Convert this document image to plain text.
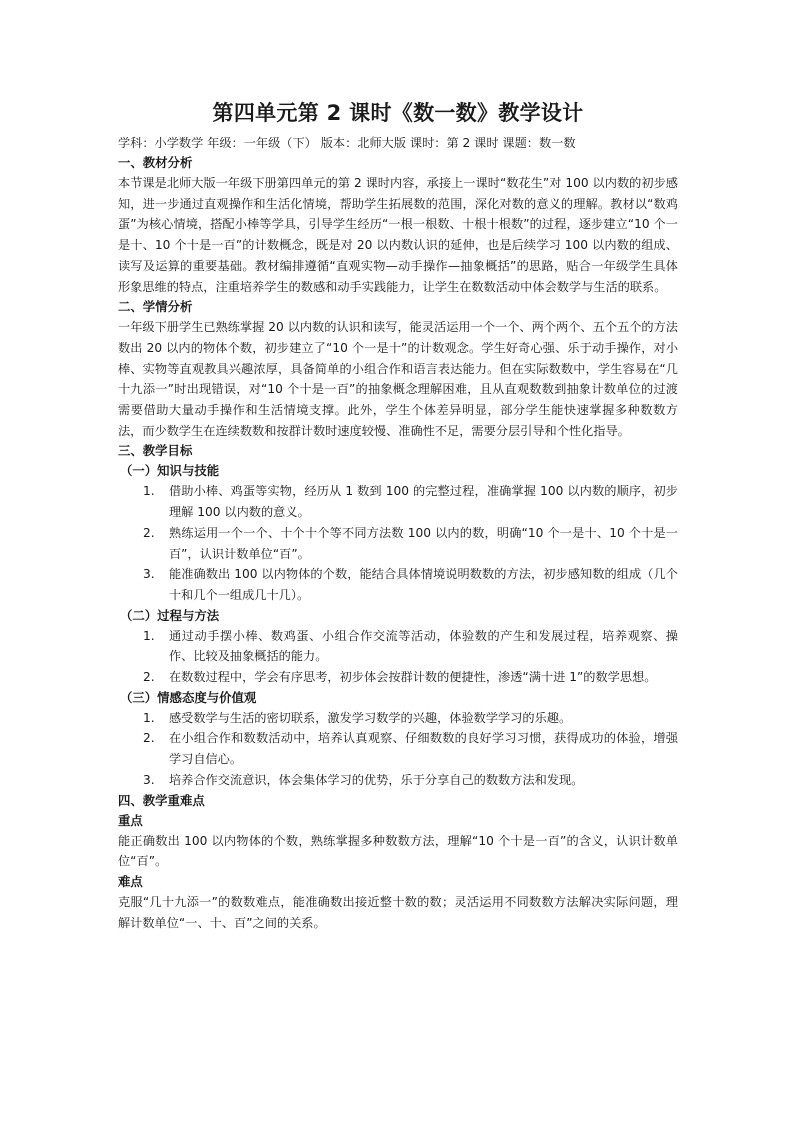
第四单元第 2 课时《数一数》教学设计
学科：小学数学 年级：一年级（下） 版本：北师大版 课时：第 2 课时 课题：数一数
一、教材分析
本节课是北师大版一年级下册第四单元的第 2 课时内容，承接上一课时“数花生”对 100 以内数的初步感知，进一步通过直观操作和生活化情境，帮助学生拓展数的范围，深化对数的意义的理解。教材以“数鸡蛋”为核心情境，搭配小棒等学具，引导学生经历“一根一根数、十根十根数”的过程，逐步建立“10 个一是十、10 个十是一百”的计数概念，既是对 20 以内数认识的延伸，也是后续学习 100 以内数的组成、读写及运算的重要基础。教材编排遵循“直观实物—动手操作—抽象概括”的思路，贴合一年级学生具体形象思维的特点，注重培养学生的数感和动手实践能力，让学生在数数活动中体会数学与生活的联系。
二、学情分析
一年级下册学生已熟练掌握 20 以内数的认识和读写，能灵活运用一个一个、两个两个、五个五个的方法数出 20 以内的物体个数，初步建立了“10 个一是十”的计数观念。学生好奇心强、乐于动手操作，对小棒、实物等直观教具兴趣浓厚，具备简单的小组合作和语言表达能力。但在实际数数中，学生容易在“几十九添一”时出现错误，对“10 个十是一百”的抽象概念理解困难，且从直观数数到抽象计数单位的过渡需要借助大量动手操作和生活情境支撑。此外，学生个体差异明显，部分学生能快速掌握多种数数方法，而少数学生在连续数数和按群计数时速度较慢、准确性不足，需要分层引导和个性化指导。
三、教学目标
（一）知识与技能
1. 借助小棒、鸡蛋等实物，经历从 1 数到 100 的完整过程，准确掌握 100 以内数的顺序，初步理解 100 以内数的意义。
2. 熟练运用一个一个、十个十个等不同方法数 100 以内的数，明确“10 个一是十、10 个十是一百”，认识计数单位“百”。
3. 能准确数出 100 以内物体的个数，能结合具体情境说明数数的方法，初步感知数的组成（几个十和几个一组成几十几）。
（二）过程与方法
1. 通过动手摆小棒、数鸡蛋、小组合作交流等活动，体验数的产生和发展过程，培养观察、操作、比较及抽象概括的能力。
2. 在数数过程中，学会有序思考，初步体会按群计数的便捷性，渗透“满十进 1”的数学思想。
（三）情感态度与价值观
1. 感受数学与生活的密切联系，激发学习数学的兴趣，体验数学学习的乐趣。
2. 在小组合作和数数活动中，培养认真观察、仔细数数的良好学习习惯，获得成功的体验，增强学习自信心。
3. 培养合作交流意识，体会集体学习的优势，乐于分享自己的数数方法和发现。
四、教学重难点
重点
能正确数出 100 以内物体的个数，熟练掌握多种数数方法，理解“10 个十是一百”的含义，认识计数单位“百”。
难点
克服“几十九添一”的数数难点，能准确数出接近整十数的数；灵活运用不同数数方法解决实际问题，理解计数单位“一、十、百”之间的关系。
